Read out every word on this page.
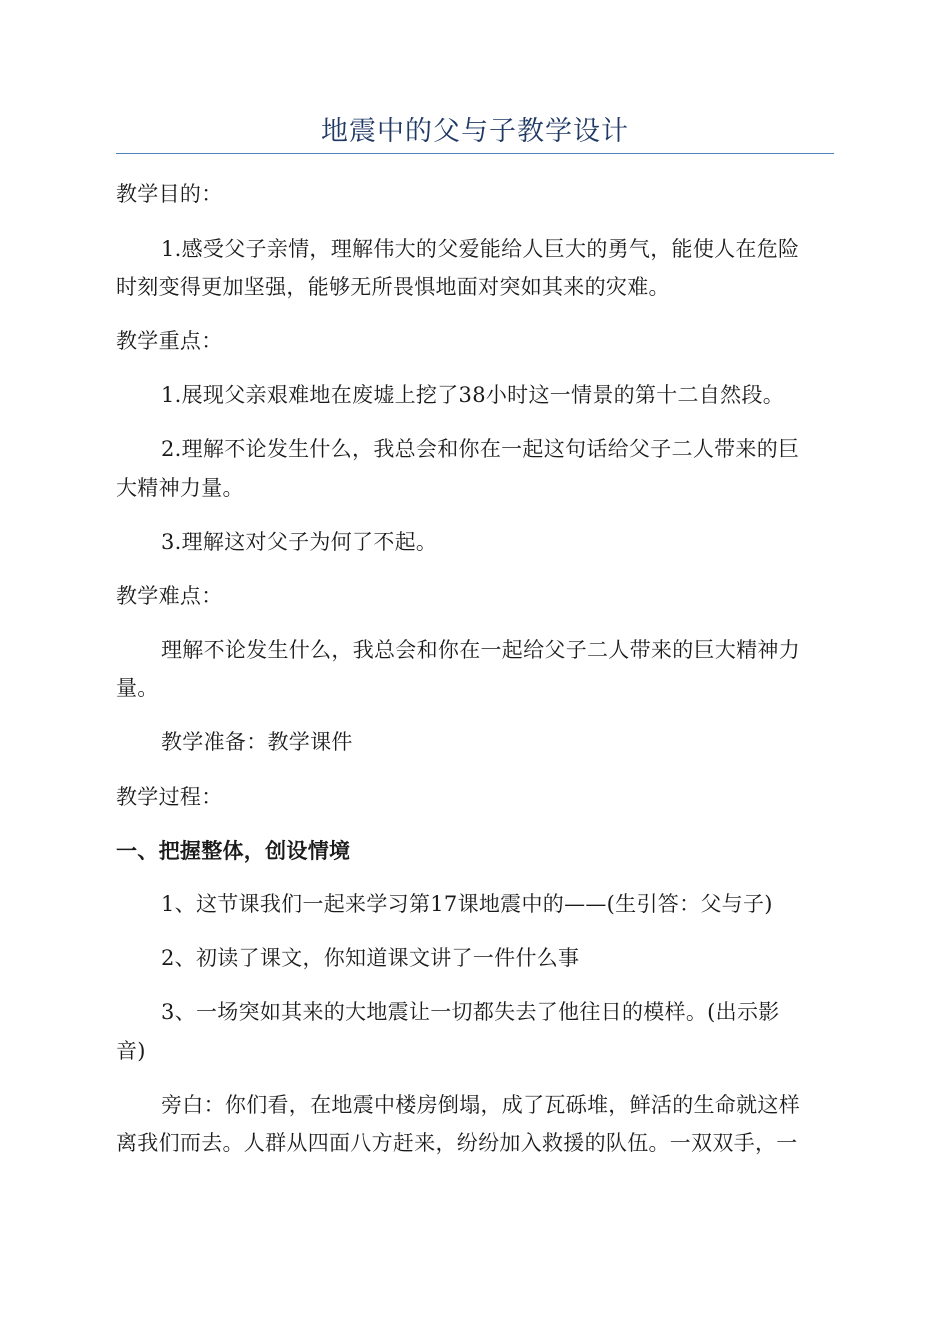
地震中的父与子教学设计
教学目的：
1.感受父子亲情，理解伟大的父爱能给人巨大的勇气，能使人在危险
时刻变得更加坚强，能够无所畏惧地面对突如其来的灾难。
教学重点：
1.展现父亲艰难地在废墟上挖了38小时这一情景的第十二自然段。
2.理解不论发生什么，我总会和你在一起这句话给父子二人带来的巨
大精神力量。
3.理解这对父子为何了不起。
教学难点：
理解不论发生什么，我总会和你在一起给父子二人带来的巨大精神力
量。
教学准备：教学课件
教学过程：
一、把握整体，创设情境
1、这节课我们一起来学习第17课地震中的——(生引答：父与子)
2、初读了课文，你知道课文讲了一件什么事
3、一场突如其来的大地震让一切都失去了他往日的模样。(出示影
音)
旁白：你们看，在地震中楼房倒塌，成了瓦砾堆，鲜活的生命就这样
离我们而去。人群从四面八方赶来，纷纷加入救援的队伍。一双双手，一
